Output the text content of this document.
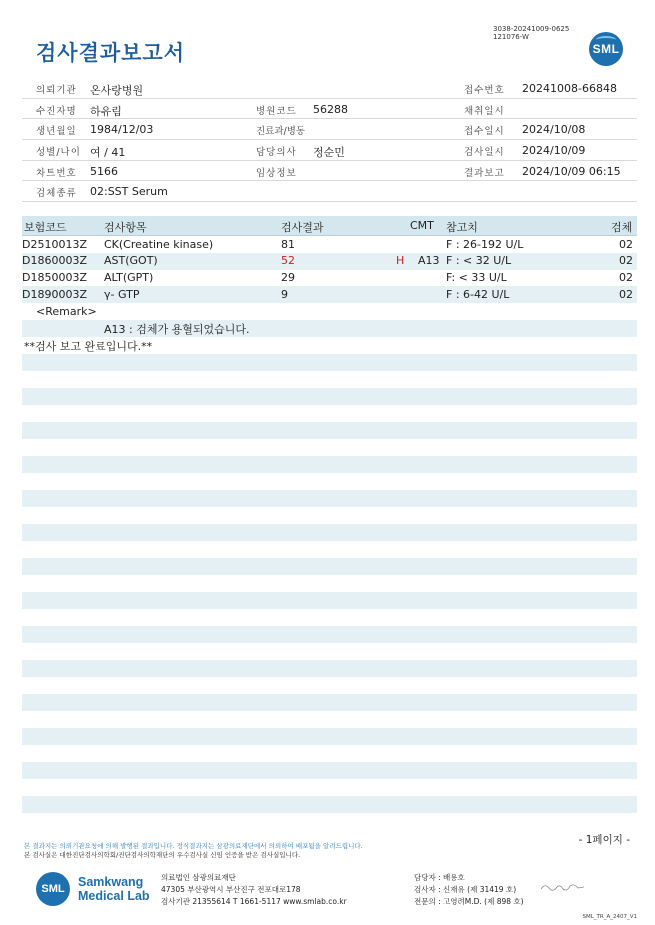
3038-20241009-0625
121076-W
SML
검사결과보고서
의뢰기관 온사랑병원	접수번호 20241008-66848
수진자명 하유림	병원코드 56288	채취일시
생년월일 1984/12/03	진료과/병동	접수일시 2024/10/08
성별/나이 여 / 41	담당의사 정순민	검사일시 2024/10/09
차트번호 5166	임상정보	결과보고 2024/10/09 06:15
검체종류 02:SST Serum
보험코드	검사항목	검사결과	CMT 참고치	검체
D2510013Z CK(Creatine kinase)	81	F : 26-192 U/L	02
D1860003Z AST(GOT)	52	H A13 F : < 32 U/L	02
D1850003Z ALT(GPT)	29	F: < 33 U/L	02
D1890003Z γ- GTP	9	F : 6-42 U/L	02
<Remark>
A13 : 검체가 용혈되었습니다.
**검사 보고 완료입니다.**
- 1페이지 -
본 결과지는 의뢰기관요청에 의해 발행된 결과입니다. 정식결과지는 삼광의료재단에서 의뢰하여 배포됨을 알려드립니다.
본 검사실은 대한진단검사의학회/진단검사의학재단의 우수검사실 신임 인증을 받은 검사실입니다.
SML	Samkwang
Medical Lab
의료법인 삼광의료재단
47305 부산광역시 부산진구 전포대로178
검사기관 21355614 T 1661-5117 www.smlab.co.kr
담당자 : 배용호
검사자 : 신재유 (제 31419 호)
전문의 : 고영려M.D. (제 898 호)
SML_TR_A_2407_V1
